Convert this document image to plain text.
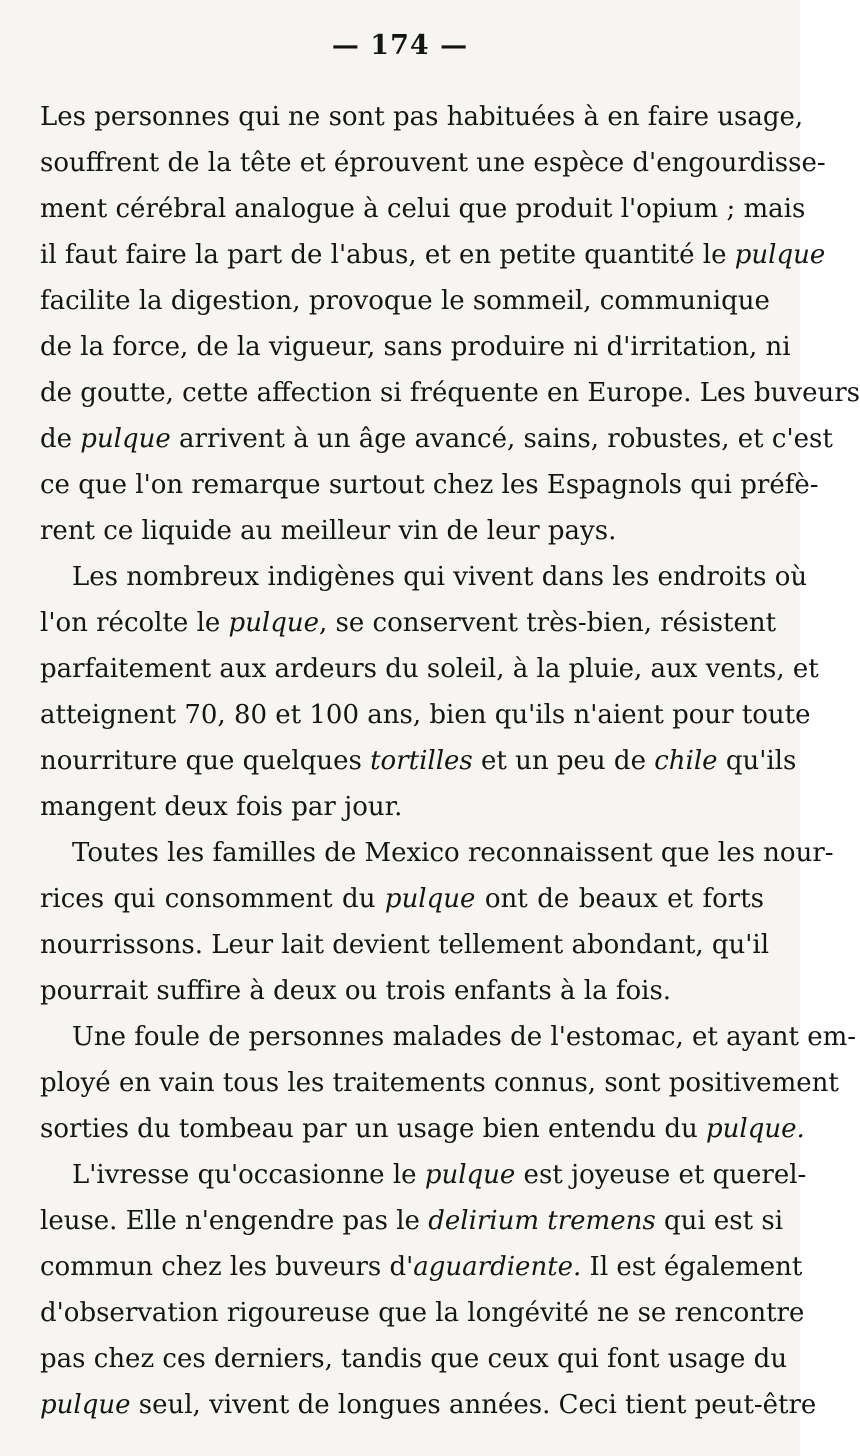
— 174 —
Les personnes qui ne sont pas habituées à en faire usage,
souffrent de la tête et éprouvent une espèce d'engourdisse-
ment cérébral analogue à celui que produit l'opium ; mais
il faut faire la part de l'abus, et en petite quantité le pulque
facilite la digestion, provoque le sommeil, communique
de la force, de la vigueur, sans produire ni d'irritation, ni
de goutte, cette affection si fréquente en Europe. Les buveurs
de pulque arrivent à un âge avancé, sains, robustes, et c'est
ce que l'on remarque surtout chez les Espagnols qui préfè-
rent ce liquide au meilleur vin de leur pays.
Les nombreux indigènes qui vivent dans les endroits où
l'on récolte le pulque, se conservent très-bien, résistent
parfaitement aux ardeurs du soleil, à la pluie, aux vents, et
atteignent 70, 80 et 100 ans, bien qu'ils n'aient pour toute
nourriture que quelques tortilles et un peu de chile qu'ils
mangent deux fois par jour.
Toutes les familles de Mexico reconnaissent que les nour-
rices qui consomment du pulque ont de beaux et forts
nourrissons. Leur lait devient tellement abondant, qu'il
pourrait suffire à deux ou trois enfants à la fois.
Une foule de personnes malades de l'estomac, et ayant em-
ployé en vain tous les traitements connus, sont positivement
sorties du tombeau par un usage bien entendu du pulque.
L'ivresse qu'occasionne le pulque est joyeuse et querel-
leuse. Elle n'engendre pas le delirium tremens qui est si
commun chez les buveurs d'aguardiente. Il est également
d'observation rigoureuse que la longévité ne se rencontre
pas chez ces derniers, tandis que ceux qui font usage du
pulque seul, vivent de longues années. Ceci tient peut-être
